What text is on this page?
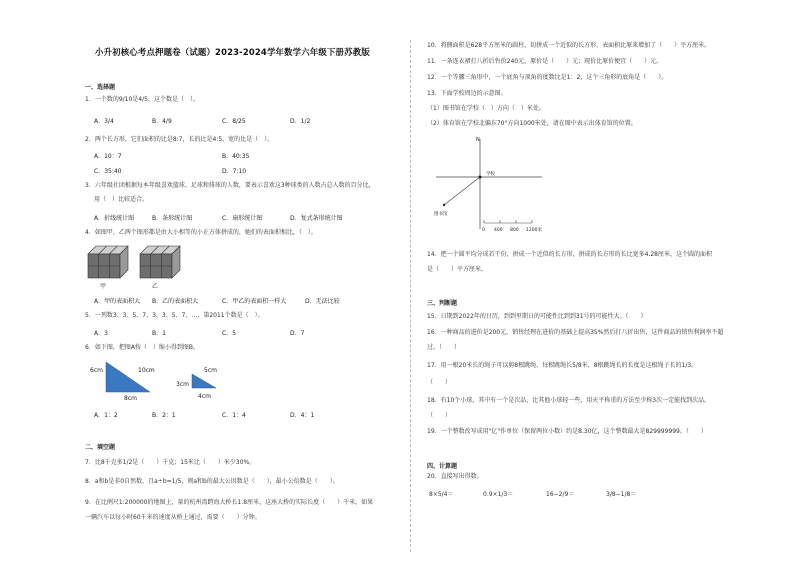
小升初核心考点押题卷（试题）2023-2024学年数学六年级下册苏教版
一、选择题
1．一个数的9/10是4/5，这个数是（　）。
A．3/4	B．4/9	C．8/25	D．1/2
2．两个长方形，它们面积的比是8:7，长的比是4:5，宽的比是（　）。
A．10：7	B．40:35
C．35:40	D．7:10
3．六年级社团根据每本年级喜欢篮球、足球和排球的人数，要表示喜欢这3种球类的人数占总人数的百分比，
用（　）比较适合。
A．折线统计图	B．条形统计图	C．扇形统计图	D．复式条形统计图
4．如图甲、乙两个图形都是由大小相等的小正方体拼成的，她们的表面积相比，（　）。
甲	乙
A．甲的表面积大 B．乙的表面积大	C．甲乙的表面积一样大	D．无法比较
5．一列数3、3、5、7、3、3、5、7、…，第2011个数是（　）。
A．3	B．1	C．5	D．7
6．如下图，把图A按（　）缩小得到图B。
6cm	10cm
8cm
3cm
5cm
4cm
A．1：2	B．2：1	C．1：4	D．4：1
二、填空题
7．比8千克多1/2是（　　）千克；15米比（　　）米少30%。
8．a和b是非0自然数，且a÷b=1/5，则a和b的最大公因数是（　　），最小公倍数是（　　）。
9．在比例尺1:200000的地图上，量的杭州湾跨海大桥长1.8厘米，这座大桥的实际长度（　　）千米。如果
一辆汽车以每小时60千米的速度从桥上通过，需要（　　）分钟。
10．将侧面积是628平方厘米的圆柱，切拼成一个近似的长方形，表面积比原来增加了（　　）平方厘米。
11．一条连衣裙打八折后售价240元，原价是（　　）元；现价比原价便宜（　　）元。
12．一个等腰三角形中，一个底角与顶角的度数比是1：2，这个三角形的底角是（　　）。
13．下面学校周边的示意图。
（1）图书馆在学校（　）方向（　）米处。
（2）体育馆在学校北偏东70°方向1000米处，请在图中表示出体育馆的位置。
N
学校
图书馆
0 400 800 1200米
14．把一个圆平均分成若干份，拼成一个近似的长方形，拼成的长方形的长比宽多4.28厘米，这个圆的面积
是（　　）平方厘米。
三、判断题
15．日期到2022年的日历，到到里期日的可能性比到到31号的可能性大。（　　）
16．一种商品的进价是200元，销售经理在进价的基础上提高35%然后打八折出售，这件商品的销售利润率不超
过。（　　）
17．用一根20米长的绳子可以剪8根跳绳，每根跳绳长5/8米，8根跳绳长的长度是这根绳子长的1/3。
（　　）
18．有10个小球，其中有一个是次品，比其他小球轻一些，用天平称重的方法至少称3次一定能找到次品。
（　　）
19．一个整数改写成用"亿"作单位（保留两位小数）约是8.30亿，这个整数最大是829999999。（　　）
四、计算题
20．直接写出得数。
8×5/4＝	0.9×1/3＝	16−2/9＝	3/8−1/8＝
